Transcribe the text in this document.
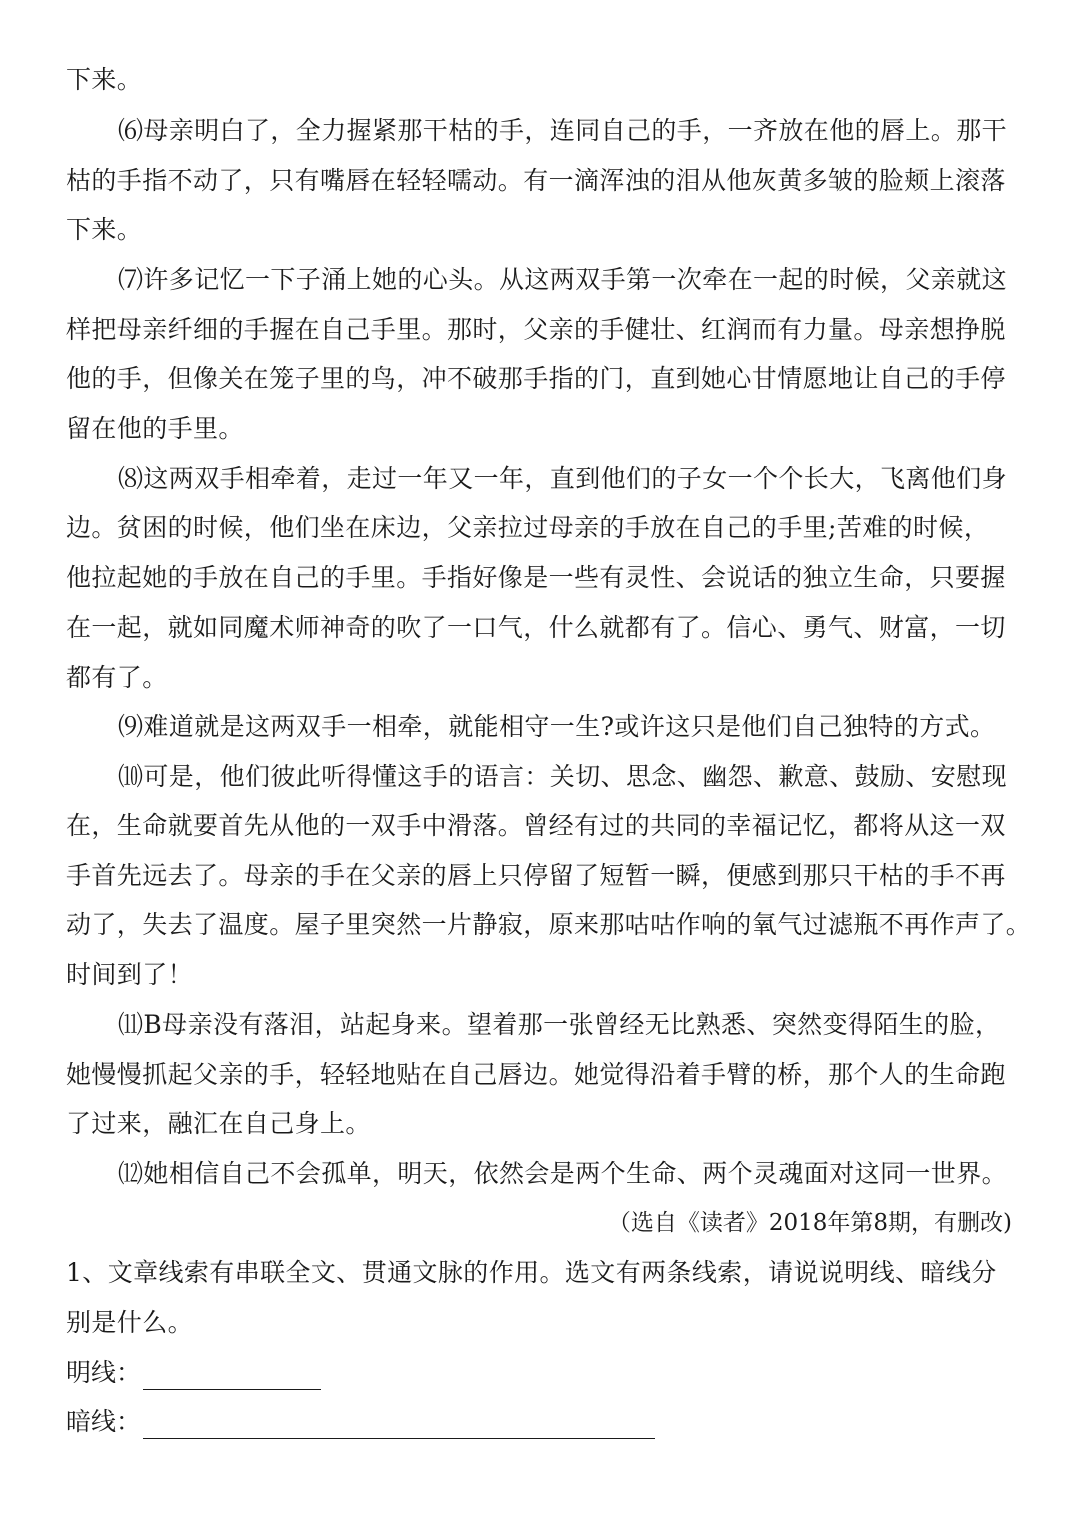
下来。
⑹母亲明白了，全力握紧那干枯的手，连同自己的手，一齐放在他的唇上。那干
枯的手指不动了，只有嘴唇在轻轻嚅动。有一滴浑浊的泪从他灰黄多皱的脸颊上滚落
下来。
⑺许多记忆一下子涌上她的心头。从这两双手第一次牵在一起的时候，父亲就这
样把母亲纤细的手握在自己手里。那时，父亲的手健壮、红润而有力量。母亲想挣脱
他的手，但像关在笼子里的鸟，冲不破那手指的门，直到她心甘情愿地让自己的手停
留在他的手里。
⑻这两双手相牵着，走过一年又一年，直到他们的子女一个个长大，飞离他们身
边。贫困的时候，他们坐在床边，父亲拉过母亲的手放在自己的手里;苦难的时候，
他拉起她的手放在自己的手里。手指好像是一些有灵性、会说话的独立生命，只要握
在一起，就如同魔术师神奇的吹了一口气，什么就都有了。信心、勇气、财富，一切
都有了。
⑼难道就是这两双手一相牵，就能相守一生?或许这只是他们自己独特的方式。
⑽可是，他们彼此听得懂这手的语言：关切、思念、幽怨、歉意、鼓励、安慰现
在，生命就要首先从他的一双手中滑落。曾经有过的共同的幸福记忆，都将从这一双
手首先远去了。母亲的手在父亲的唇上只停留了短暂一瞬，便感到那只干枯的手不再
动了，失去了温度。屋子里突然一片静寂，原来那咕咕作响的氧气过滤瓶不再作声了。
时间到了！
⑾B母亲没有落泪，站起身来。望着那一张曾经无比熟悉、突然变得陌生的脸，
她慢慢抓起父亲的手，轻轻地贴在自己唇边。她觉得沿着手臂的桥，那个人的生命跑
了过来，融汇在自己身上。
⑿她相信自己不会孤单，明天，依然会是两个生命、两个灵魂面对这同一世界。
（选自《读者》2018年第8期，有删改)
1、文章线索有串联全文、贯通文脉的作用。选文有两条线索，请说说明线、暗线分
别是什么。
明线：
暗线：
